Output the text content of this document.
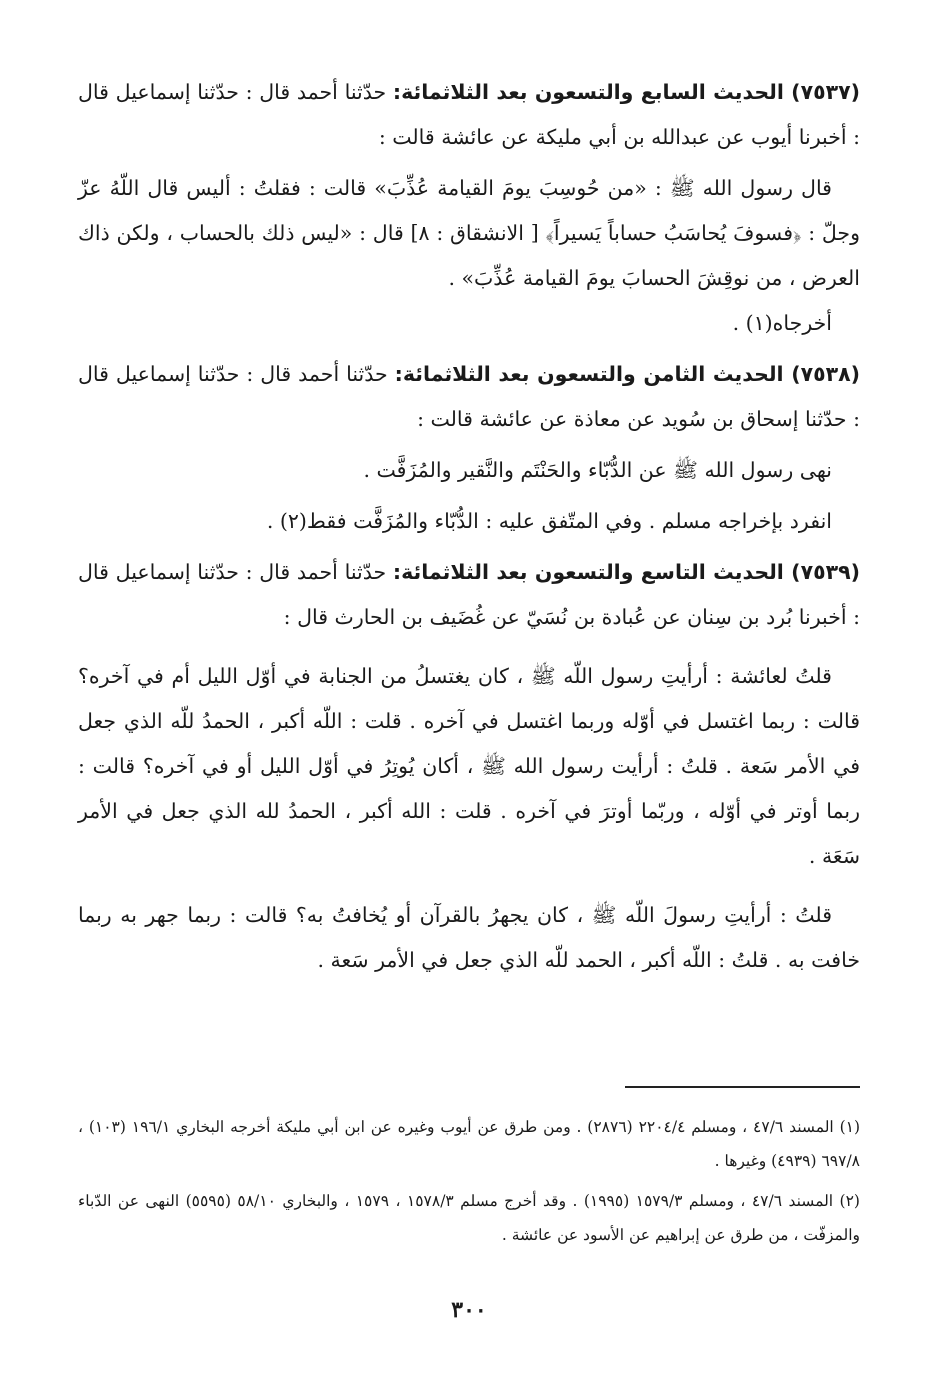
(٧٥٣٧) الحديث السابع والتسعون بعد الثلاثمائة: حدّثنا أحمد قال : حدّثنا إسماعيل قال : أخبرنا أيوب عن عبدالله بن أبي مليكة عن عائشة قالت :

قال رسول الله ﷺ : «من حُوسِبَ يومَ القيامة عُذِّبَ» قالت : فقلتُ : أليس قال اللّهُ عزّ وجلّ : ﴿فسوفَ يُحاسَبُ حساباً يَسيراً﴾ [ الانشقاق : ٨] قال : «ليس ذلك بالحساب ، ولكن ذاك العرض ، من نوقِشَ الحسابَ يومَ القيامة عُذِّبَ» .

أخرجاه(١) .

(٧٥٣٨) الحديث الثامن والتسعون بعد الثلاثمائة: حدّثنا أحمد قال : حدّثنا إسماعيل قال : حدّثنا إسحاق بن سُويد عن معاذة عن عائشة قالت :

نهى رسول الله ﷺ عن الدُّبّاء والحَنْتَم والنَّقير والمُزَفَّت .

انفرد بإخراجه مسلم . وفي المتّفق عليه : الدُّبّاء والمُزَفَّت فقط(٢) .

(٧٥٣٩) الحديث التاسع والتسعون بعد الثلاثمائة: حدّثنا أحمد قال : حدّثنا إسماعيل قال : أخبرنا بُرد بن سِنان عن عُبادة بن نُسَيّ عن غُضَيف بن الحارث قال :

قلتُ لعائشة : أرأيتِ رسول اللّه ﷺ ، كان يغتسلُ من الجنابة في أوّل الليل أم في آخره؟ قالت : ربما اغتسل في أوّله وربما اغتسل في آخره . قلت : اللّه أكبر ، الحمدُ للّه الذي جعل في الأمر سَعة . قلتُ : أرأيت رسول الله ﷺ ، أكان يُوتِرُ في أوّل الليل أو في آخره؟ قالت : ربما أوتر في أوّله ، وربّما أوترَ في آخره . قلت : الله أكبر ، الحمدُ لله الذي جعل في الأمر سَعَة .

قلتُ : أرأيتِ رسولَ اللّه ﷺ ، كان يجهرُ بالقرآن أو يُخافتُ به؟ قالت : ربما جهر به ربما خافت به . قلتُ : اللّه أكبر ، الحمد للّه الذي جعل في الأمر سَعة .

(١) المسند ٤٧/٦ ، ومسلم ٢٢٠٤/٤ (٢٨٧٦) . ومن طرق عن أيوب وغيره عن ابن أبي مليكة أخرجه البخاري ١٩٦/١ (١٠٣) ، ٦٩٧/٨ (٤٩٣٩) وغيرها .

(٢) المسند ٤٧/٦ ، ومسلم ١٥٧٩/٣ (١٩٩٥) . وقد أخرج مسلم ١٥٧٨/٣ ، ١٥٧٩ ، والبخاري ٥٨/١٠ (٥٥٩٥) النهى عن الدّباء والمزفّت ، من طرق عن إبراهيم عن الأسود عن عائشة .

٣٠٠
